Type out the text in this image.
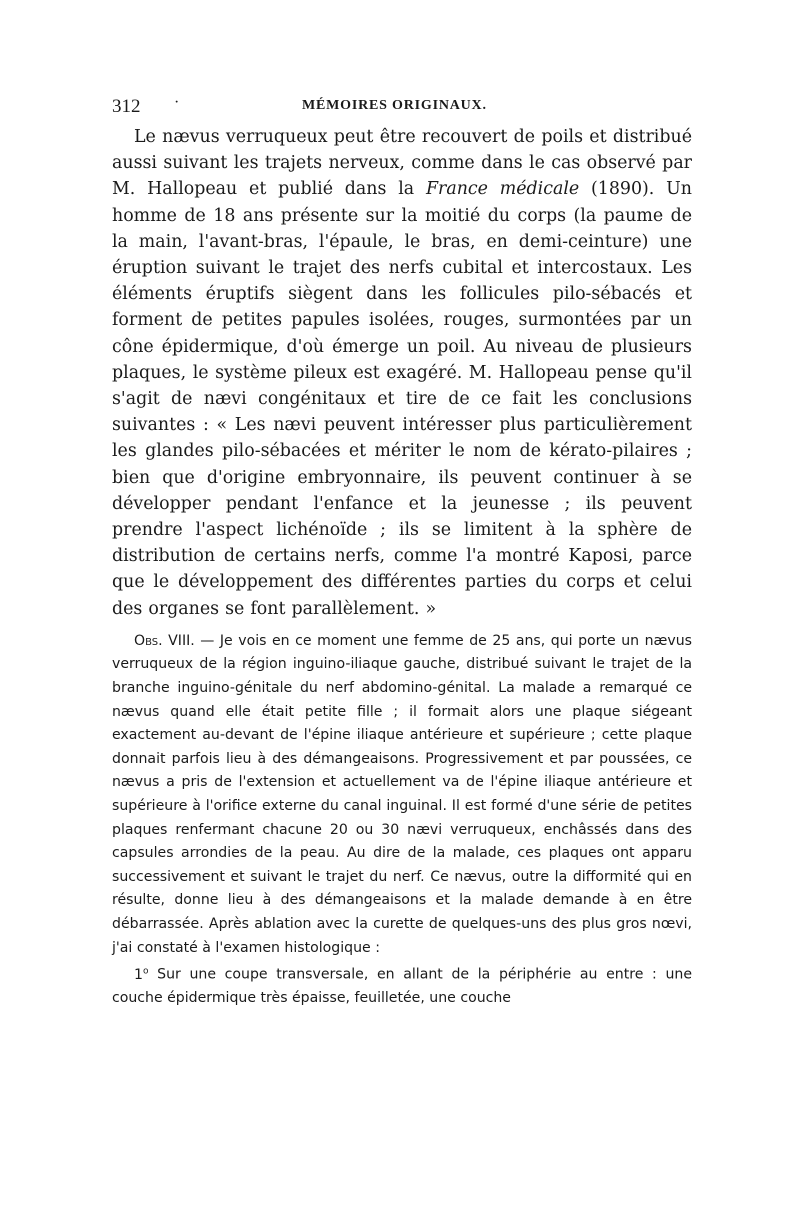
312 ·	MÉMOIRES ORIGINAUX.

Le nævus verruqueux peut être recouvert de poils et distribué aussi suivant les trajets nerveux, comme dans le cas observé par M. Hallopeau et publié dans la France médicale (1890). Un homme de 18 ans présente sur la moitié du corps (la paume de la main, l'avant-bras, l'épaule, le bras, en demi-ceinture) une éruption suivant le trajet des nerfs cubital et intercostaux. Les éléments éruptifs siègent dans les follicules pilo-sébacés et forment de petites papules isolées, rouges, surmontées par un cône épidermique, d'où émerge un poil. Au niveau de plusieurs plaques, le système pileux est exagéré. M. Hallopeau pense qu'il s'agit de nævi congénitaux et tire de ce fait les conclusions suivantes : « Les nævi peuvent intéresser plus particulièrement les glandes pilo-sébacées et mériter le nom de kérato-pilaires ; bien que d'origine embryonnaire, ils peuvent continuer à se développer pendant l'enfance et la jeunesse ; ils peuvent prendre l'aspect lichénoïde ; ils se limitent à la sphère de distribution de certains nerfs, comme l'a montré Kaposi, parce que le développement des différentes parties du corps et celui des organes se font parallèlement. »

Obs. VIII. — Je vois en ce moment une femme de 25 ans, qui porte un nævus verruqueux de la région inguino-iliaque gauche, distribué suivant le trajet de la branche inguino-génitale du nerf abdomino-génital. La malade a remarqué ce nævus quand elle était petite fille ; il formait alors une plaque siégeant exactement au-devant de l'épine iliaque antérieure et supérieure ; cette plaque donnait parfois lieu à des démangeaisons. Progressivement et par poussées, ce nævus a pris de l'extension et actuellement va de l'épine iliaque antérieure et supérieure à l'orifice externe du canal inguinal. Il est formé d'une série de petites plaques renfermant chacune 20 ou 30 nævi verruqueux, enchâssés dans des capsules arrondies de la peau. Au dire de la malade, ces plaques ont apparu successivement et suivant le trajet du nerf. Ce nævus, outre la difformité qui en résulte, donne lieu à des démangeaisons et la malade demande à en être débarrassée. Après ablation avec la curette de quelques-uns des plus gros nœvi, j'ai constaté à l'examen histologique :

1$^o$ Sur une coupe transversale, en allant de la périphérie au entre : une couche épidermique très épaisse, feuilletée, une couche
